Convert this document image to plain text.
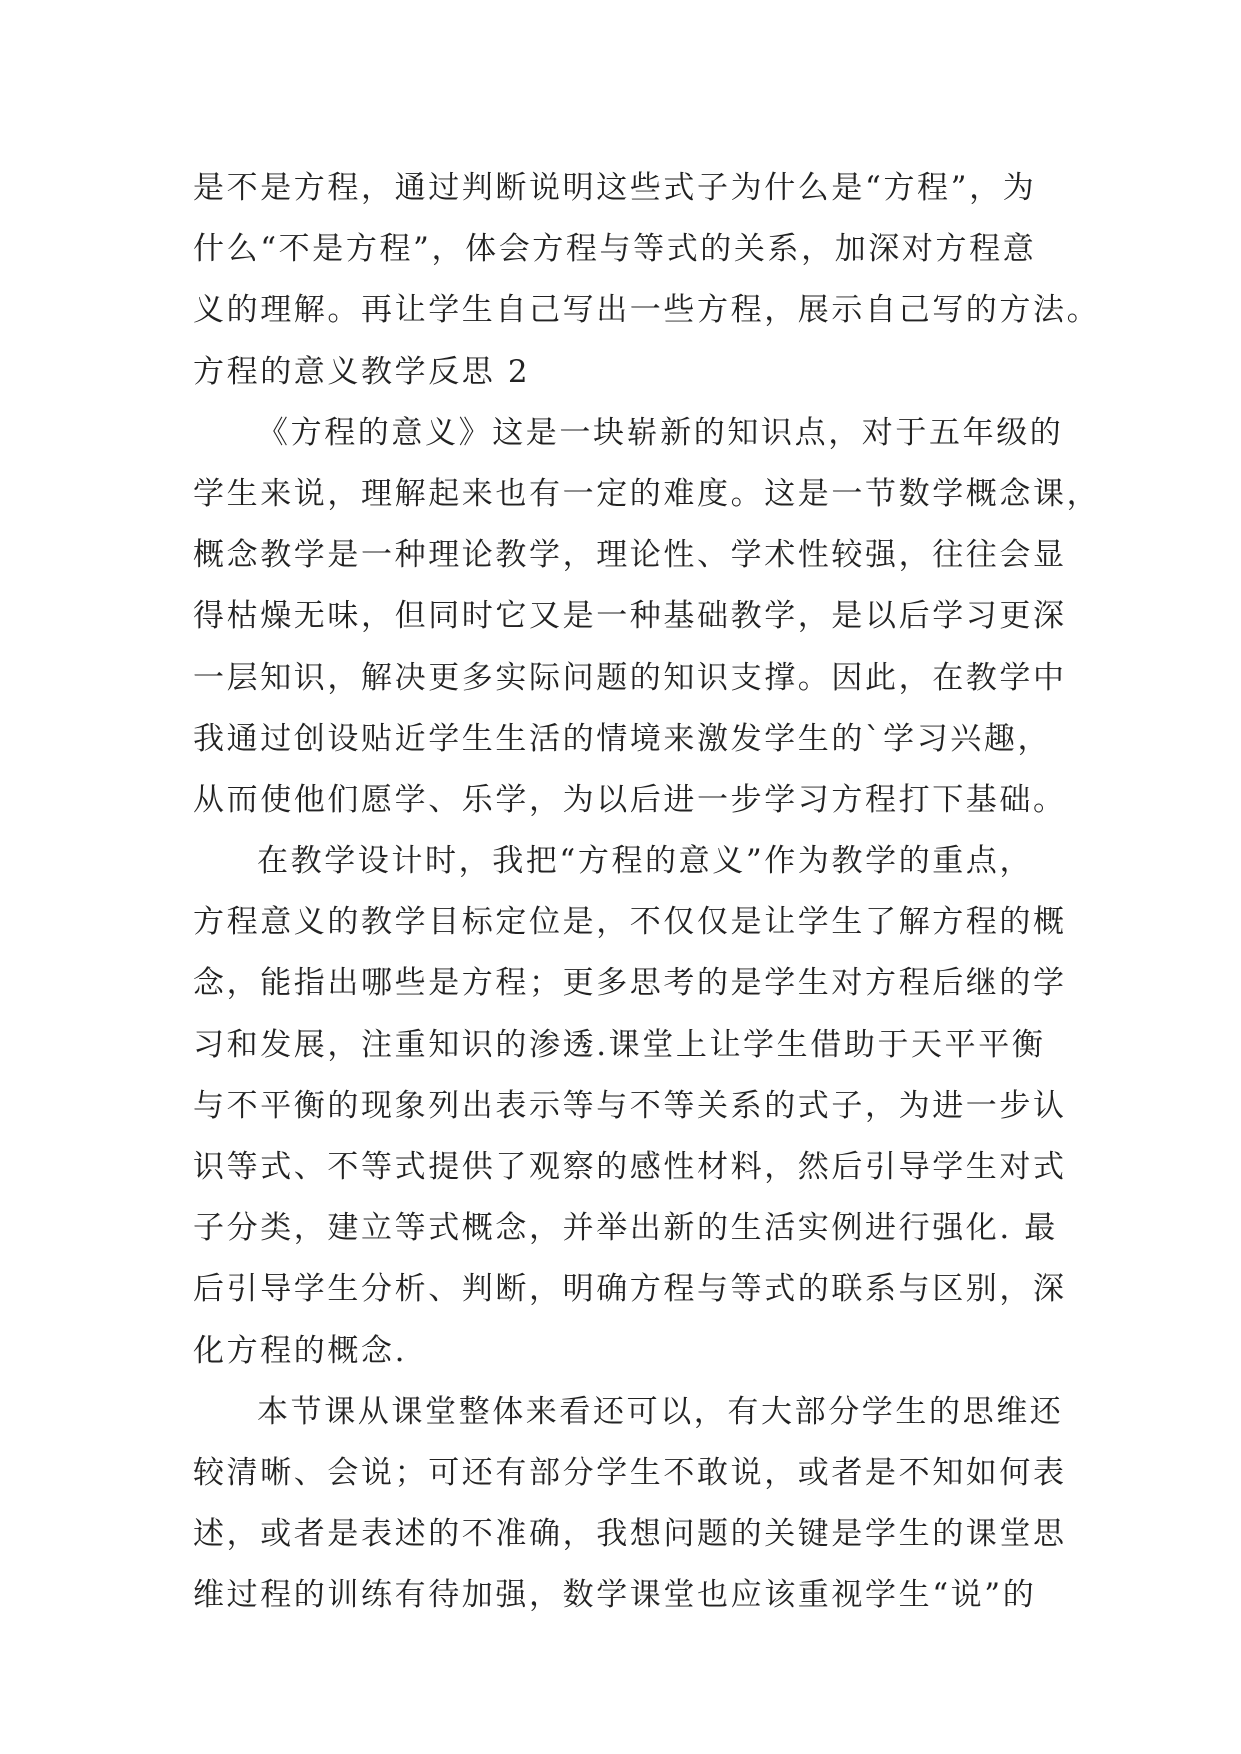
是不是方程，通过判断说明这些式子为什么是“方程”，为
什么“不是方程”，体会方程与等式的关系，加深对方程意
义的理解。再让学生自己写出一些方程，展示自己写的方法。
方程的意义教学反思 2
《方程的意义》这是一块崭新的知识点，对于五年级的
学生来说，理解起来也有一定的难度。这是一节数学概念课，
概念教学是一种理论教学，理论性、学术性较强，往往会显
得枯燥无味，但同时它又是一种基础教学，是以后学习更深
一层知识，解决更多实际问题的知识支撑。因此，在教学中
我通过创设贴近学生生活的情境来激发学生的`学习兴趣，
从而使他们愿学、乐学，为以后进一步学习方程打下基础。
在教学设计时，我把“方程的意义”作为教学的重点，
方程意义的教学目标定位是，不仅仅是让学生了解方程的概
念，能指出哪些是方程；更多思考的是学生对方程后继的学
习和发展，注重知识的渗透.课堂上让学生借助于天平平衡
与不平衡的现象列出表示等与不等关系的式子，为进一步认
识等式、不等式提供了观察的感性材料，然后引导学生对式
子分类，建立等式概念，并举出新的生活实例进行强化. 最
后引导学生分析、判断，明确方程与等式的联系与区别，深
化方程的概念.
本节课从课堂整体来看还可以，有大部分学生的思维还
较清晰、会说；可还有部分学生不敢说，或者是不知如何表
述，或者是表述的不准确，我想问题的关键是学生的课堂思
维过程的训练有待加强，数学课堂也应该重视学生“说”的
